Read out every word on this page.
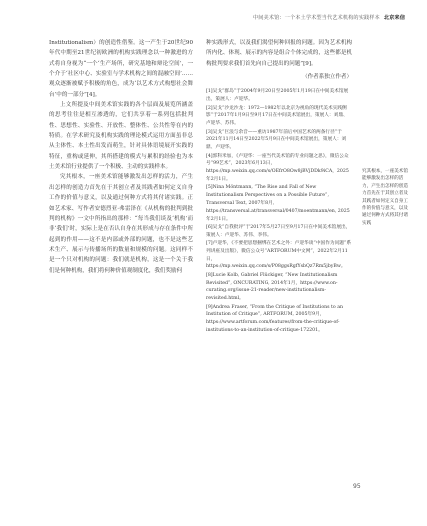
中间美术馆：一个本土学术型当代艺术机构的实践样本 北京来信

Institutionalism）的创造性借鉴。这一产生于20世纪90年代中期至21世纪初欧洲的机构实践理念以一种激进的方式将自身视为“一个‘生产场所，研究基地和辩论空间’，一个介于‘社区中心、实验室与学术机构之间的混融空间’……观众逐渐被赋予积极的角色，成为‘以艺术方式构想社会舞台’中的一部分”[4]。

上文所提及中间美术馆实践的各个层面及展览所涵盖的思考往往是相互渗透的，它们共享着一系列包括批判性、思想性、实验性、开放性、整体性、公共性等在内的特质。在学术研究及机构实践的理论模式运用方面虽非总从主体性、本土性出发而萌生，针对具体语境展开实践的特征，重构或延伸，其所搭建的模式与累积的经验也为本土美术馆行业提供了一个积极、主动的实践样本。

究其根本，一座美术馆能够激发出怎样的活力，产生出怎样的创造力首先在于其创立者及其践者如何定义自身工作的价值与意义，以及通过何种方式将其付诸实践。正如艺术家、写作者安德烈亚·弗雷泽在《从机构的批判到批判的机构》一文中所指出的那样：“每当我们谈及‘机构’而非‘我们’时，实际上是在否认自身在其形成与存在条件中所起到的作用——这不是内部或外部的问题，也不是这些艺术生产、展示与传播场所的数量和规模的问题。这同样不是一个只对机构的问题：我们就是机构，这是一个关于我们是何种机构，我们将何种价值观制度化，我们奖励何

种实践形式，以及我们渴望何种回报的问题。因为艺术机构所内化、体现、展示的内容是组合个体完成的，这些都是机构批判要求我们首先向自己提出的问题”[9]。

（作者系独立作者）

[1]吴戈“群岛”于2004年9月20日至2005年1月19日在中间美术馆展出，策展人：卢迎华。

[2]吴戈“沙龙沙龙：1972—1982年以北京为视角的现代美术实践侧影”于2017年1月9日至9月17日在中间美术馆展出，策展人：刘鼎、卢迎华、苏伟。

[3]吴戈“巨浪与余音——重访1987年前后中国艺术的两条行径”于2021年11月14日至2022年5月9日在中间美术馆展出，策展人：刘鼎、卢迎华。

[4]郭科米加，《卢迎华：一座当代美术馆的专业问题之思》，微信公众号“99艺术”，2023年6月13日，https://mp.weixin.qq.com/s/OEfrO8Ow8jBVjDDk9iCA，2025年2月1日。

[5]Nina Möntmann, “The Rise and Fall of New Institutionalism Perspectives on a Possible Future”, Transversal Text, 2007年8月, https://transversal.at/transversal/0407/moentmann/en, 2025年2月1日。

[6]吴戈“自我批评”于2017年5月27日至9月17日在中间美术馆展出，策展人：卢迎华、苏伟、李伟。

[7]卢迎华，《不要把思想捆绑在艺术之外：卢迎华谈“中国作为问题”系列讲座及出版》，微信公众号“ARTFORUM中文网”，2022年2月11日，https://mp.weixin.qq.com/s/P08ggsRgfYsbQz7Rm5jbyBw。

[8]Lucie Kolb, Gabriel Flückiger, “New Institutionalism Revisited”, ONCURATING, 2014年1月，https://www.on-curating.org/issue-21-reader/new-institutionalism-revisited.html。

[9]Andrea Fraser, “From the Critique of Institutions to an Institution of Critique”, ARTFORUM, 2005年9月，https://www.artforum.com/features/from-the-critique-of-institutions-to-an-institution-of-critique-172201。

究其根本，一座美术馆能够激发出怎样的活力，产生出怎样的创造力首先在于其创立者及其践者如何定义自身工作的价值与意义，以及通过何种方式将其付诸实践
95
